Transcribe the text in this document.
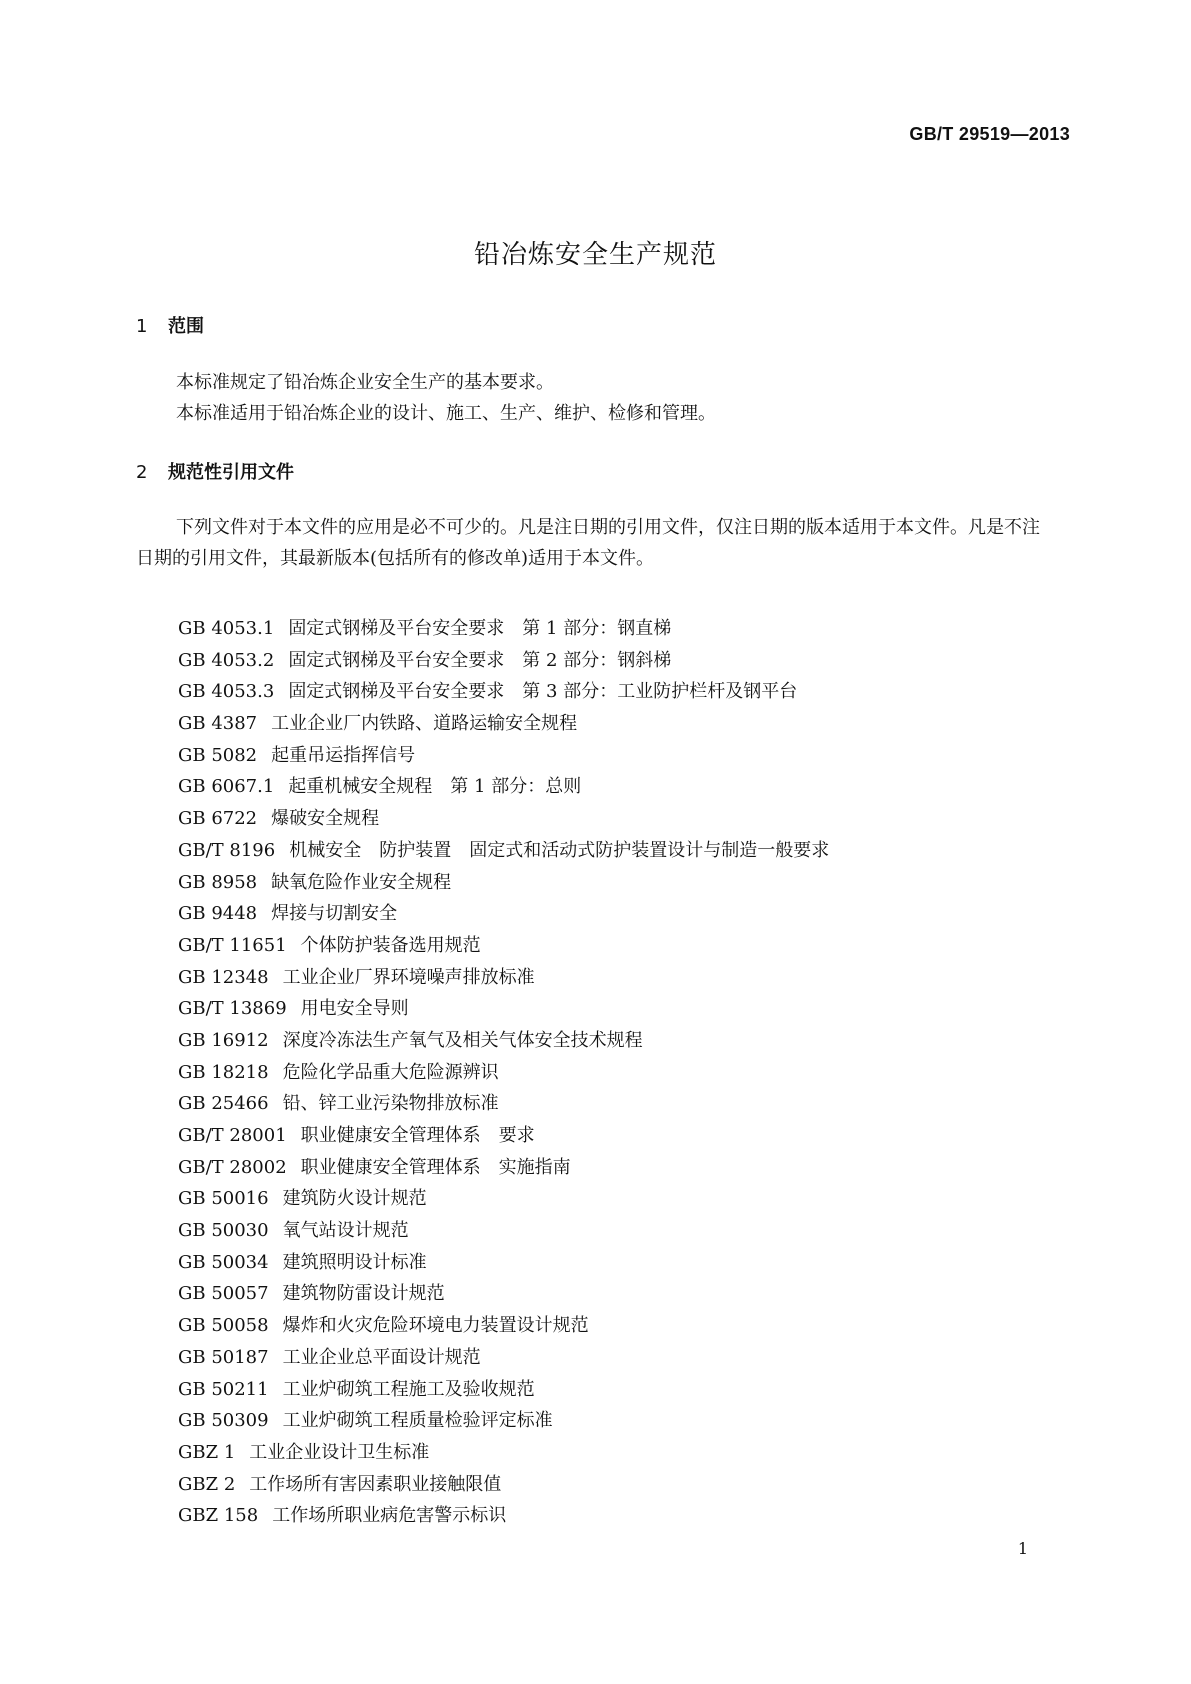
GB/T 29519—2013
铅冶炼安全生产规范
1 范围

本标准规定了铅冶炼企业安全生产的基本要求。

本标准适用于铅冶炼企业的设计、施工、生产、维护、检修和管理。

2 规范性引用文件

下列文件对于本文件的应用是必不可少的。凡是注日期的引用文件，仅注日期的版本适用于本文件。凡是不注日期的引用文件，其最新版本(包括所有的修改单)适用于本文件。

GB 4053.1 固定式钢梯及平台安全要求　第 1 部分：钢直梯
GB 4053.2 固定式钢梯及平台安全要求　第 2 部分：钢斜梯
GB 4053.3 固定式钢梯及平台安全要求　第 3 部分：工业防护栏杆及钢平台
GB 4387 工业企业厂内铁路、道路运输安全规程
GB 5082 起重吊运指挥信号
GB 6067.1 起重机械安全规程　第 1 部分：总则
GB 6722 爆破安全规程
GB/T 8196 机械安全　防护装置　固定式和活动式防护装置设计与制造一般要求
GB 8958 缺氧危险作业安全规程
GB 9448 焊接与切割安全
GB/T 11651 个体防护装备选用规范
GB 12348 工业企业厂界环境噪声排放标准
GB/T 13869 用电安全导则
GB 16912 深度冷冻法生产氧气及相关气体安全技术规程
GB 18218 危险化学品重大危险源辨识
GB 25466 铅、锌工业污染物排放标准
GB/T 28001 职业健康安全管理体系　要求
GB/T 28002 职业健康安全管理体系　实施指南
GB 50016 建筑防火设计规范
GB 50030 氧气站设计规范
GB 50034 建筑照明设计标准
GB 50057 建筑物防雷设计规范
GB 50058 爆炸和火灾危险环境电力装置设计规范
GB 50187 工业企业总平面设计规范
GB 50211 工业炉砌筑工程施工及验收规范
GB 50309 工业炉砌筑工程质量检验评定标准
GBZ 1 工业企业设计卫生标准
GBZ 2 工作场所有害因素职业接触限值
GBZ 158 工作场所职业病危害警示标识
1
